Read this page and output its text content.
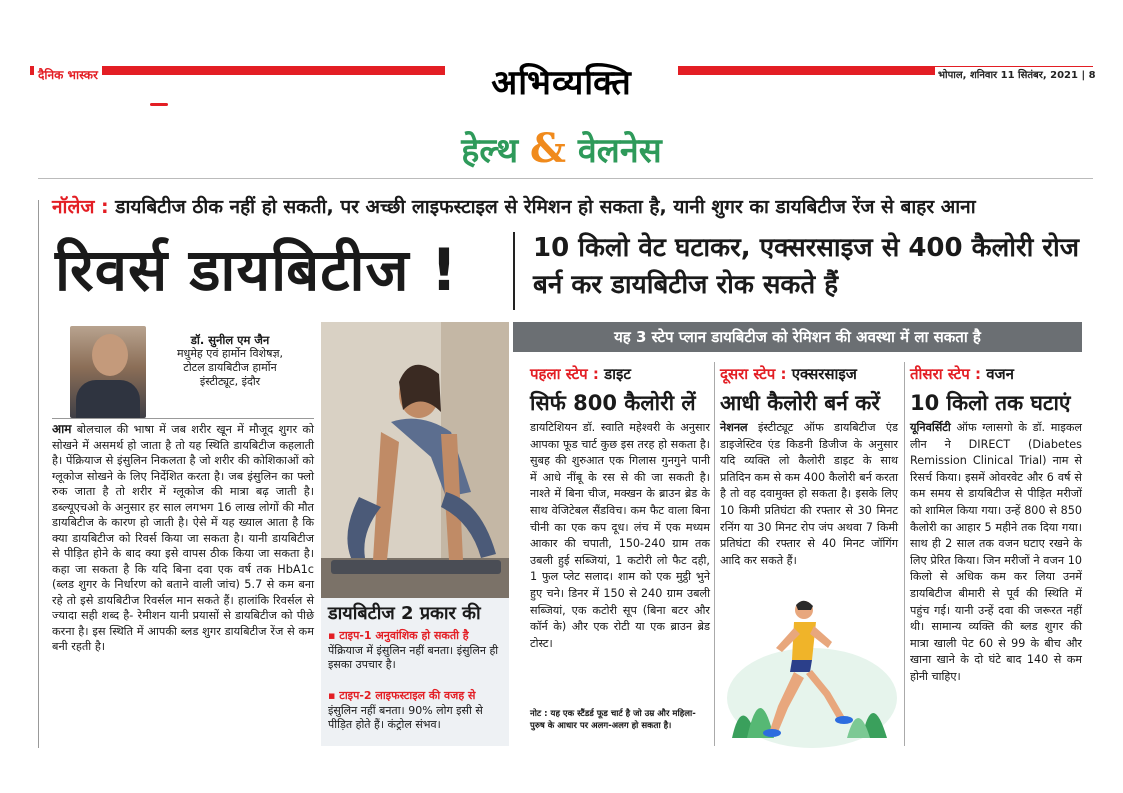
दैनिक भास्कर	अभिव्यक्ति	भोपाल, शनिवार 11 सितंबर, 2021 | 8
हेल्थ & वेलनेस
नॉलेज : डायबिटीज ठीक नहीं हो सकती, पर अच्छी लाइफस्टाइल से रेमिशन हो सकता है, यानी शुगर का डायबिटीज रेंज से बाहर आना
रिवर्स डायबिटीज !	10 किलो वेट घटाकर, एक्सरसाइज से 400 कैलोरी रोज बर्न कर डायबिटीज रोक सकते हैं
यह 3 स्टेप प्लान डायबिटीज को रेमिशन की अवस्था में ला सकता है
डॉ. सुनील एम जैन
मधुमेह एवं हार्मोन विशेषज्ञ,
टोटल डायबिटीज हार्मोन
इंस्टीट्यूट, इंदौर
आम बोलचाल की भाषा में जब शरीर खून में मौजूद शुगर को सोखने में असमर्थ हो जाता है तो यह स्थिति डायबिटीज कहलाती है। पेंक्रियाज से इंसुलिन निकलता है जो शरीर की कोशिकाओं को ग्लूकोज सोखने के लिए निर्देशित करता है। जब इंसुलिन का फ्लो रुक जाता है तो शरीर में ग्लूकोज की मात्रा बढ़ जाती है। डब्ल्यूएचओ के अनुसार हर साल लगभग 16 लाख लोगों की मौत डायबिटीज के कारण हो जाती है। ऐसे में यह ख्याल आता है कि क्या डायबिटीज को रिवर्स किया जा सकता है। यानी डायबिटीज से पीड़ित होने के बाद क्या इसे वापस ठीक किया जा सकता है। कहा जा सकता है कि यदि बिना दवा एक वर्ष तक HbA1c (ब्लड शुगर के निर्धारण को बताने वाली जांच) 5.7 से कम बना रहे तो इसे डायबिटीज रिवर्सल मान सकते हैं। हालांकि रिवर्सल से ज्यादा सही शब्द है- रेमीशन यानी प्रयासों से डायबिटीज को पीछे करना है। इस स्थिति में आपकी ब्लड शुगर डायबिटीज रेंज से कम बनी रहती है।
डायबिटीज 2 प्रकार की
▪ टाइप-1 अनुवांशिक हो सकती है
पेंक्रियाज में इंसुलिन नहीं बनता। इंसुलिन ही इसका उपचार है।
▪ टाइप-2 लाइफस्टाइल की वजह से
इंसुलिन नहीं बनता। 90% लोग इसी से पीड़ित होते हैं। कंट्रोल संभव।
पहला स्टेप : डाइट
सिर्फ 800 कैलोरी लें
डायटिशियन डॉ. स्वाति महेश्वरी के अनुसार आपका फूड चार्ट कुछ इस तरह हो सकता है। सुबह की शुरुआत एक गिलास गुनगुने पानी में आधे नींबू के रस से की जा सकती है। नाश्ते में बिना चीज, मक्खन के ब्राउन ब्रेड के साथ वेजिटेबल सैंडविच। कम फैट वाला बिना चीनी का एक कप दूध। लंच में एक मध्यम आकार की चपाती, 150-240 ग्राम तक उबली हुई सब्जियां, 1 कटोरी लो फैट दही, 1 फुल प्लेट सलाद। शाम को एक मुट्ठी भुने हुए चने। डिनर में 150 से 240 ग्राम उबली सब्जियां, एक कटोरी सूप (बिना बटर और कॉर्न के) और एक रोटी या एक ब्राउन ब्रेड टोस्ट।
नोट : यह एक स्टैंडर्ड फूड चार्ट है जो उम्र और महिला-पुरुष के आधार पर अलग-अलग हो सकता है।
दूसरा स्टेप : एक्सरसाइज
आधी कैलोरी बर्न करें
नेशनल इंस्टीट्यूट ऑफ डायबिटीज एंड डाइजेस्टिव एंड किडनी डिजीज के अनुसार यदि व्यक्ति लो कैलोरी डाइट के साथ प्रतिदिन कम से कम 400 कैलोरी बर्न करता है तो वह दवामुक्त हो सकता है। इसके लिए 10 किमी प्रतिघंटा की रफ्तार से 30 मिनट रनिंग या 30 मिनट रोप जंप अथवा 7 किमी प्रतिघंटा की रफ्तार से 40 मिनट जॉगिंग आदि कर सकते हैं।
तीसरा स्टेप : वजन
10 किलो तक घटाएं
यूनिवर्सिटी ऑफ ग्लासगो के डॉ. माइकल लीन ने DIRECT (Diabetes Remission Clinical Trial) नाम से रिसर्च किया। इसमें ओवरवेट और 6 वर्ष से कम समय से डायबिटीज से पीड़ित मरीजों को शामिल किया गया। उन्हें 800 से 850 कैलोरी का आहार 5 महीने तक दिया गया। साथ ही 2 साल तक वजन घटाए रखने के लिए प्रेरित किया। जिन मरीजों ने वजन 10 किलो से अधिक कम कर लिया उनमें डायबिटीज बीमारी से पूर्व की स्थिति में पहुंच गई। यानी उन्हें दवा की जरूरत नहीं थी। सामान्य व्यक्ति की ब्लड शुगर की मात्रा खाली पेट 60 से 99 के बीच और खाना खाने के दो घंटे बाद 140 से कम होनी चाहिए।
